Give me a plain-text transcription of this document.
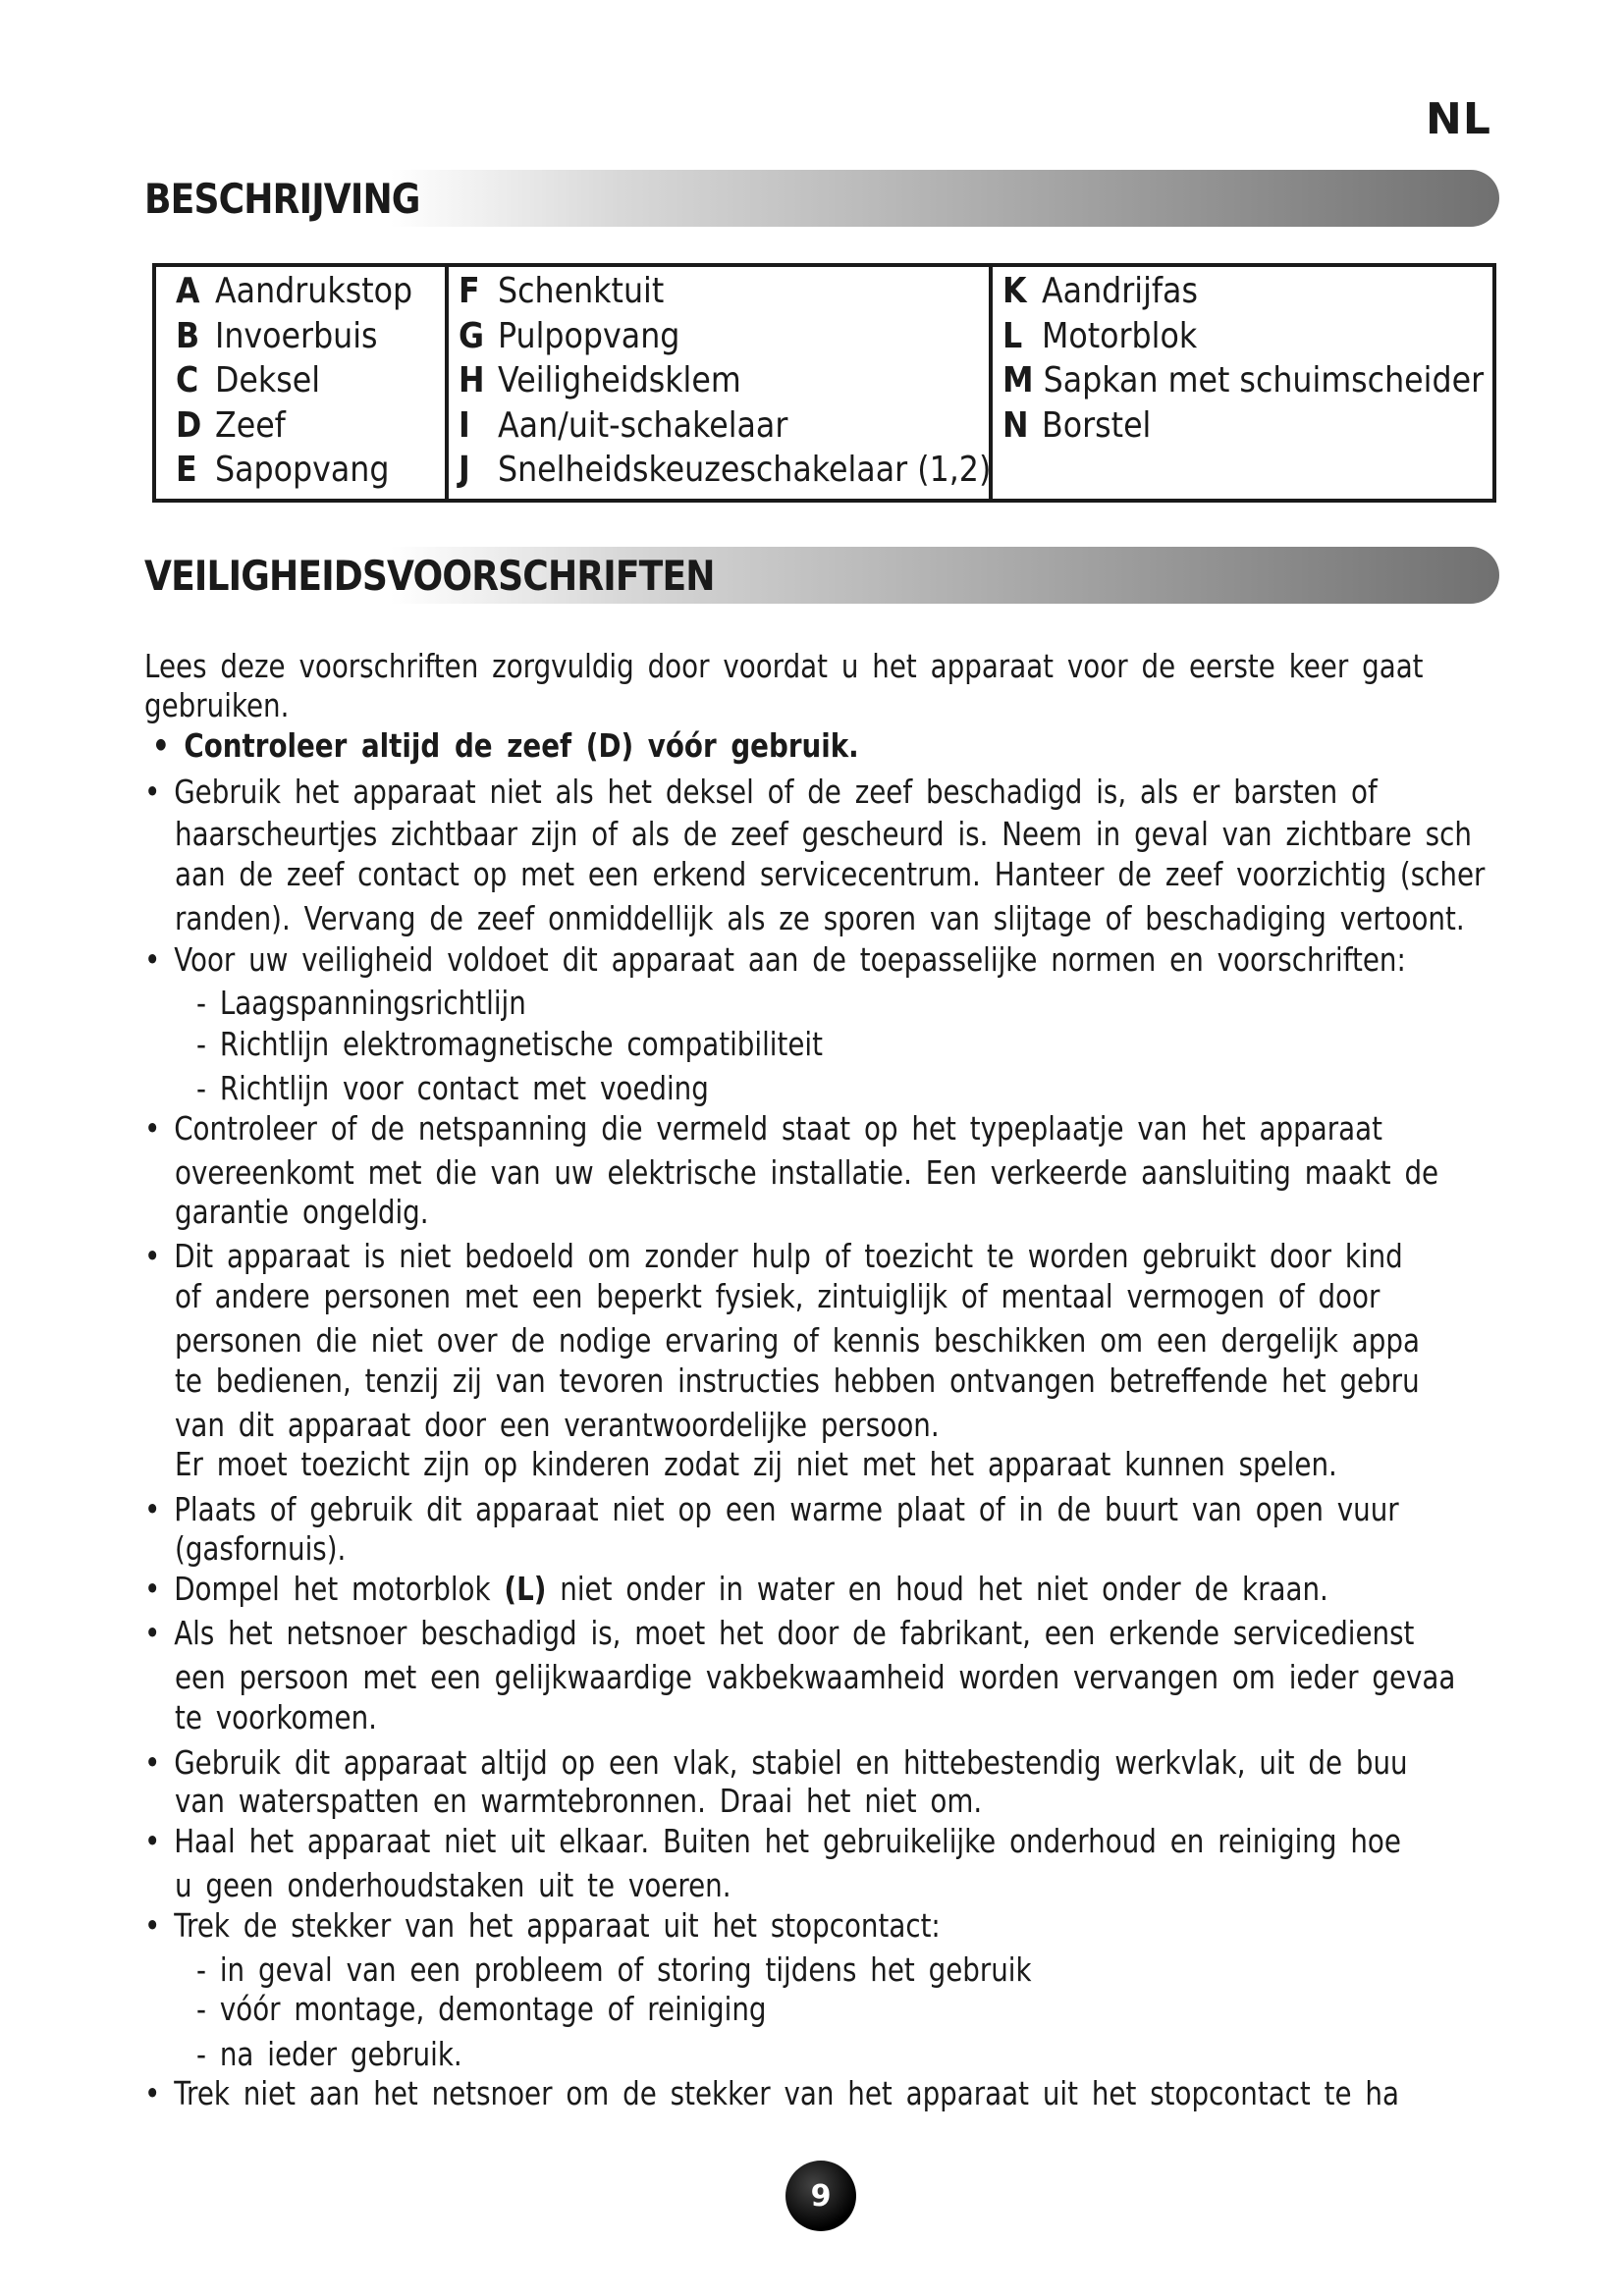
NL
BESCHRIJVING
A Aandrukstop
B Invoerbuis
C Deksel
D Zeef
E Sapopvang
F Schenktuit
G Pulpopvang
H Veiligheidsklem
I Aan/uit-schakelaar
J Snelheidskeuzeschakelaar (1,2)
K Aandrijfas
L Motorblok
M Sapkan met schuimscheider
N Borstel
VEILIGHEIDSVOORSCHRIFTEN
Lees deze voorschriften zorgvuldig door voordat u het apparaat voor de eerste keer gaat
gebruiken.
• Controleer altijd de zeef (D) vóór gebruik.
• Gebruik het apparaat niet als het deksel of de zeef beschadigd is, als er barsten of
haarscheurtjes zichtbaar zijn of als de zeef gescheurd is. Neem in geval van zichtbare sch
aan de zeef contact op met een erkend servicecentrum. Hanteer de zeef voorzichtig (scher
randen). Vervang de zeef onmiddellijk als ze sporen van slijtage of beschadiging vertoont.
• Voor uw veiligheid voldoet dit apparaat aan de toepasselijke normen en voorschriften:
- Laagspanningsrichtlijn
- Richtlijn elektromagnetische compatibiliteit
- Richtlijn voor contact met voeding
• Controleer of de netspanning die vermeld staat op het typeplaatje van het apparaat
overeenkomt met die van uw elektrische installatie. Een verkeerde aansluiting maakt de
garantie ongeldig.
• Dit apparaat is niet bedoeld om zonder hulp of toezicht te worden gebruikt door kind
of andere personen met een beperkt fysiek, zintuiglijk of mentaal vermogen of door
personen die niet over de nodige ervaring of kennis beschikken om een dergelijk appa
te bedienen, tenzij zij van tevoren instructies hebben ontvangen betreffende het gebru
van dit apparaat door een verantwoordelijke persoon.
Er moet toezicht zijn op kinderen zodat zij niet met het apparaat kunnen spelen.
• Plaats of gebruik dit apparaat niet op een warme plaat of in de buurt van open vuur
(gasfornuis).
• Dompel het motorblok (L) niet onder in water en houd het niet onder de kraan.
• Als het netsnoer beschadigd is, moet het door de fabrikant, een erkende servicedienst
een persoon met een gelijkwaardige vakbekwaamheid worden vervangen om ieder gevaa
te voorkomen.
• Gebruik dit apparaat altijd op een vlak, stabiel en hittebestendig werkvlak, uit de buu
van waterspatten en warmtebronnen. Draai het niet om.
• Haal het apparaat niet uit elkaar. Buiten het gebruikelijke onderhoud en reiniging hoe
u geen onderhoudstaken uit te voeren.
• Trek de stekker van het apparaat uit het stopcontact:
- in geval van een probleem of storing tijdens het gebruik
- vóór montage, demontage of reiniging
- na ieder gebruik.
• Trek niet aan het netsnoer om de stekker van het apparaat uit het stopcontact te ha
9
